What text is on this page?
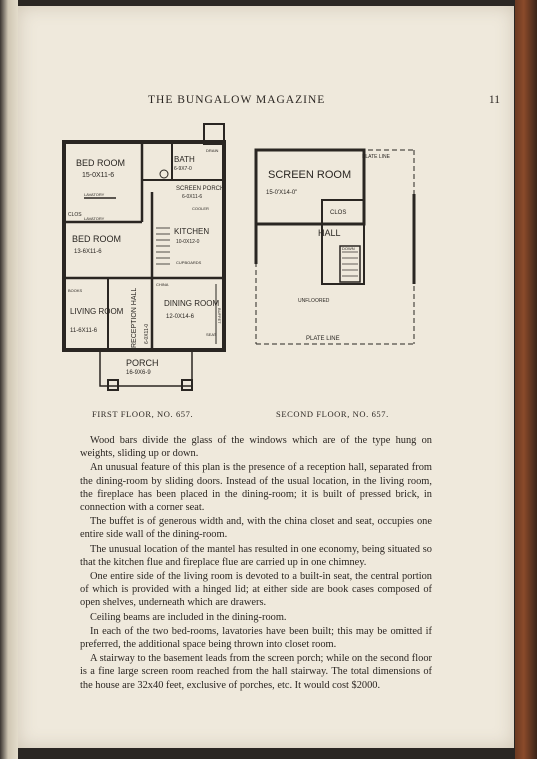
THE BUNGALOW MAGAZINE	11
BED ROOM
15-0X11-6
BATH
6-9X7-0
DRAIN
SCREEN PORCH
6-0X11-6
LAVATORY
CLOS
LAVATORY
COOLER
KITCHEN
10-0X12-0
BED ROOM
13-6X11-6
CUPBOARDS
BOOKS
BUFFET
LIVING ROOM
11-6X11-6	RECEPTION HALL 6-0X11-0
DINING ROOM
12-0X14-6
CHINA
SEAT
PORCH
16-9X6-9
PLATE LINE
SCREEN ROOM
15-0'X14-0"
CLOS
HALL
DOWN
UNFLOORED
PLATE LINE
FIRST FLOOR, NO. 657.	SECOND FLOOR, NO. 657.

Wood bars divide the glass of the windows which are of the type hung on weights, sliding up or down.

An unusual feature of this plan is the presence of a reception hall, separated from the dining-room by sliding doors. Instead of the usual location, in the living room, the fireplace has been placed in the dining-room; it is built of pressed brick, in connection with a corner seat.

The buffet is of generous width and, with the china closet and seat, occupies one entire side wall of the dining-room.

The unusual location of the mantel has resulted in one economy, being situated so that the kitchen flue and fireplace flue are carried up in one chimney.

One entire side of the living room is devoted to a built-in seat, the central portion of which is provided with a hinged lid; at either side are book cases composed of open shelves, underneath which are drawers.

Ceiling beams are included in the dining-room.

In each of the two bed-rooms, lavatories have been built; this may be omitted if preferred, the additional space being thrown into closet room.

A stairway to the basement leads from the screen porch; while on the second floor is a fine large screen room reached from the hall stairway. The total dimensions of the house are 32x40 feet, exclusive of porches, etc. It would cost $2000.
